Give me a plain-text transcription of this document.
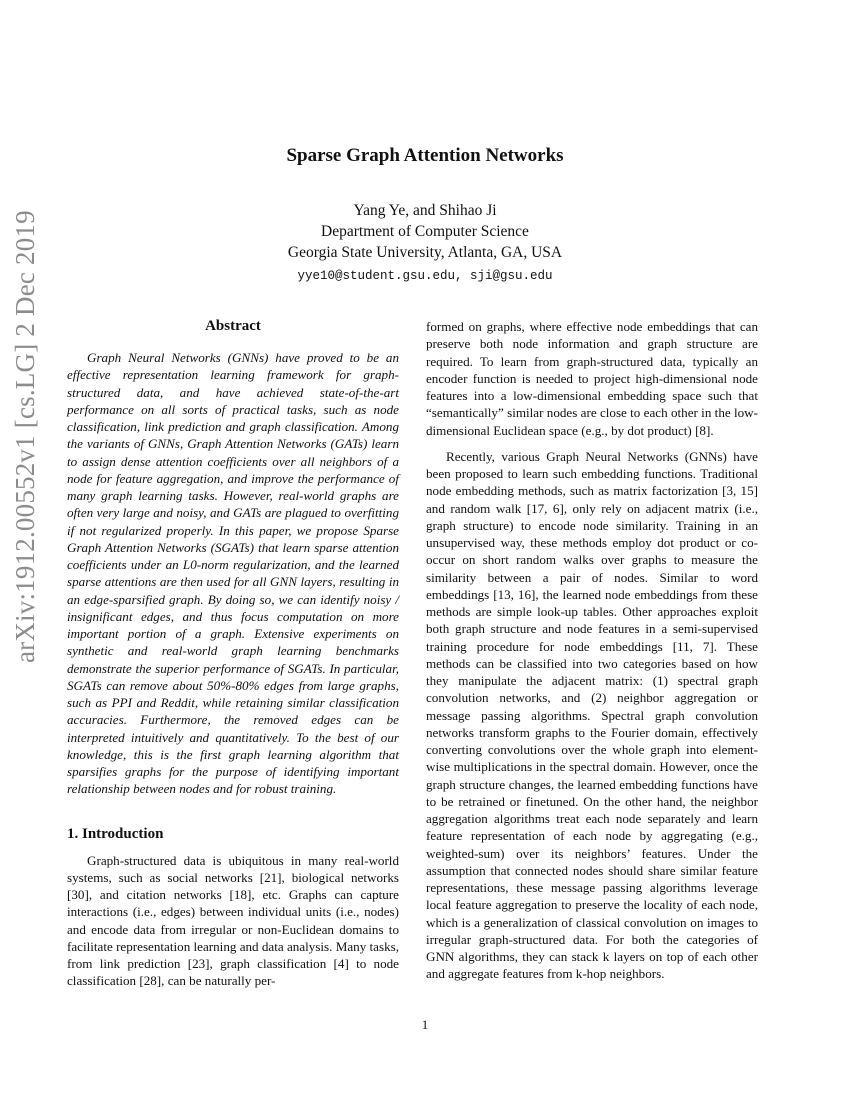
arXiv:1912.00552v1 [cs.LG] 2 Dec 2019
Sparse Graph Attention Networks
Yang Ye, and Shihao Ji
Department of Computer Science
Georgia State University, Atlanta, GA, USA
yye10@student.gsu.edu, sji@gsu.edu
Abstract

Graph Neural Networks (GNNs) have proved to be an effective representation learning framework for graph-structured data, and have achieved state-of-the-art performance on all sorts of practical tasks, such as node classification, link prediction and graph classification. Among the variants of GNNs, Graph Attention Networks (GATs) learn to assign dense attention coefficients over all neighbors of a node for feature aggregation, and improve the performance of many graph learning tasks. However, real-world graphs are often very large and noisy, and GATs are plagued to overfitting if not regularized properly. In this paper, we propose Sparse Graph Attention Networks (SGATs) that learn sparse attention coefficients under an L0-norm regularization, and the learned sparse attentions are then used for all GNN layers, resulting in an edge-sparsified graph. By doing so, we can identify noisy / insignificant edges, and thus focus computation on more important portion of a graph. Extensive experiments on synthetic and real-world graph learning benchmarks demonstrate the superior performance of SGATs. In particular, SGATs can remove about 50%-80% edges from large graphs, such as PPI and Reddit, while retaining similar classification accuracies. Furthermore, the removed edges can be interpreted intuitively and quantitatively. To the best of our knowledge, this is the first graph learning algorithm that sparsifies graphs for the purpose of identifying important relationship between nodes and for robust training.

1. Introduction

Graph-structured data is ubiquitous in many real-world systems, such as social networks [21], biological networks [30], and citation networks [18], etc. Graphs can capture interactions (i.e., edges) between individual units (i.e., nodes) and encode data from irregular or non-Euclidean domains to facilitate representation learning and data analysis. Many tasks, from link prediction [23], graph classification [4] to node classification [28], can be naturally per-

formed on graphs, where effective node embeddings that can preserve both node information and graph structure are required. To learn from graph-structured data, typically an encoder function is needed to project high-dimensional node features into a low-dimensional embedding space such that “semantically” similar nodes are close to each other in the low-dimensional Euclidean space (e.g., by dot product) [8].

Recently, various Graph Neural Networks (GNNs) have been proposed to learn such embedding functions. Traditional node embedding methods, such as matrix factorization [3, 15] and random walk [17, 6], only rely on adjacent matrix (i.e., graph structure) to encode node similarity. Training in an unsupervised way, these methods employ dot product or co-occur on short random walks over graphs to measure the similarity between a pair of nodes. Similar to word embeddings [13, 16], the learned node embeddings from these methods are simple look-up tables. Other approaches exploit both graph structure and node features in a semi-supervised training procedure for node embeddings [11, 7]. These methods can be classified into two categories based on how they manipulate the adjacent matrix: (1) spectral graph convolution networks, and (2) neighbor aggregation or message passing algorithms. Spectral graph convolution networks transform graphs to the Fourier domain, effectively converting convolutions over the whole graph into element-wise multiplications in the spectral domain. However, once the graph structure changes, the learned embedding functions have to be retrained or finetuned. On the other hand, the neighbor aggregation algorithms treat each node separately and learn feature representation of each node by aggregating (e.g., weighted-sum) over its neighbors’ features. Under the assumption that connected nodes should share similar feature representations, these message passing algorithms leverage local feature aggregation to preserve the locality of each node, which is a generalization of classical convolution on images to irregular graph-structured data. For both the categories of GNN algorithms, they can stack k layers on top of each other and aggregate features from k-hop neighbors.

1
